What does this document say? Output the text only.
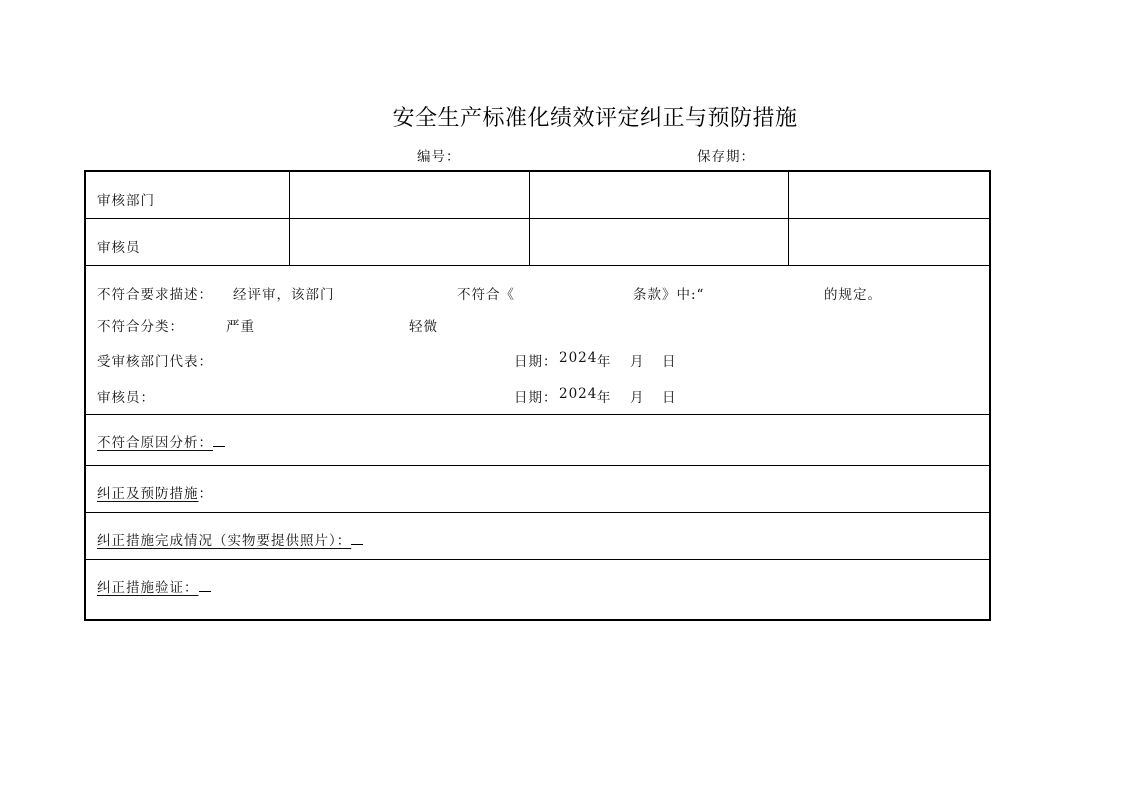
安全生产标准化绩效评定纠正与预防措施
编号：	保存期：
审核部门
审核员
不符合要求描述： 经评审，该部门	不符合《	条款》中:“	的规定。
不符合分类：	严重	轻微
受审核部门代表：	日期： 2024 年 月 日
审核员：	日期： 2024 年 月 日
不符合原因分析：
纠正及预防措施：
纠正措施完成情况（实物要提供照片）：
纠正措施验证：
